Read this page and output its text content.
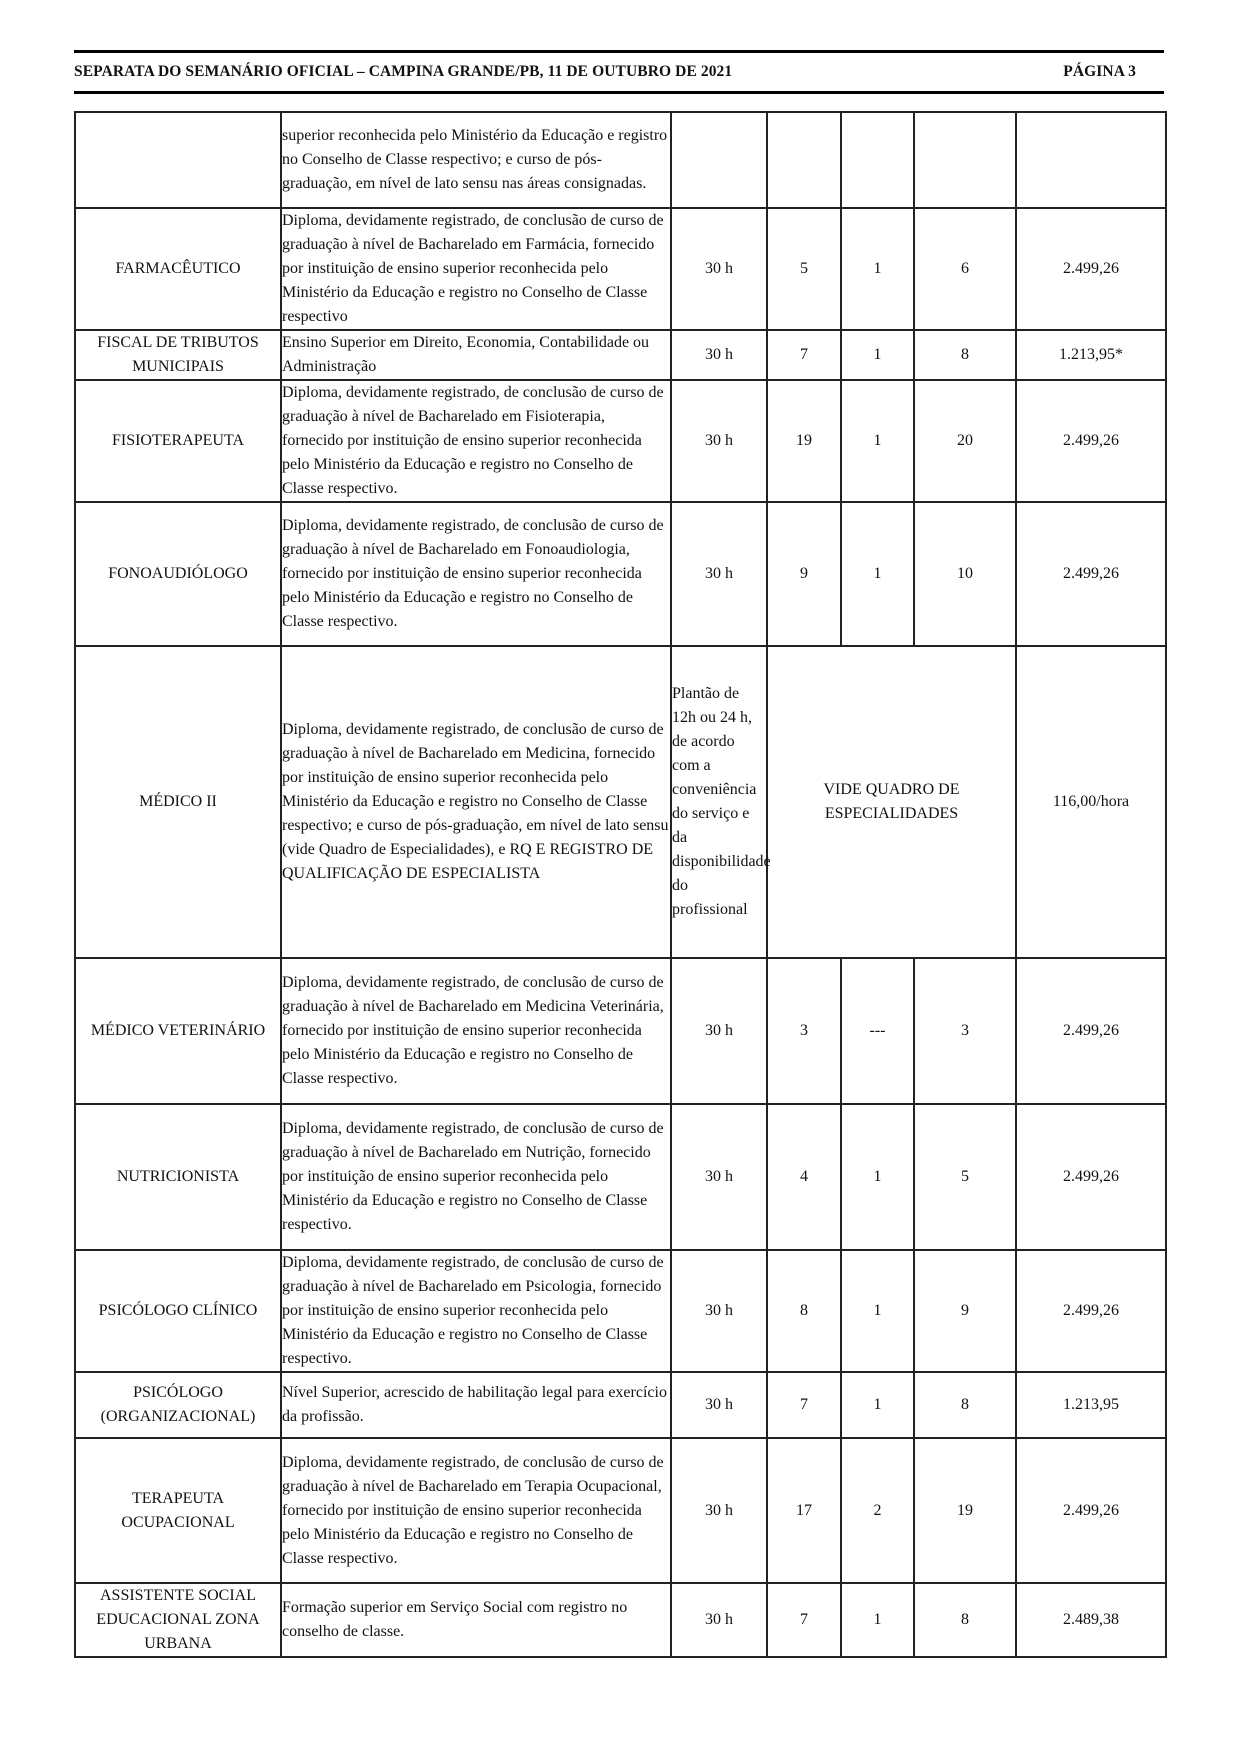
SEPARATA DO SEMANÁRIO OFICIAL – CAMPINA GRANDE/PB, 11 DE OUTUBRO DE 2021	PÁGINA 3
	superior reconhecida pelo Ministério da Educação e registro no Conselho de Classe respectivo; e curso de pós-graduação, em nível de lato sensu nas áreas consignadas.					
FARMACÊUTICO	Diploma, devidamente registrado, de conclusão de curso de graduação à nível de Bacharelado em Farmácia, fornecido por instituição de ensino superior reconhecida pelo Ministério da Educação e registro no Conselho de Classe respectivo	30 h	5	1	6	2.499,26
FISCAL DE TRIBUTOS MUNICIPAIS	Ensino Superior em Direito, Economia, Contabilidade ou Administração	30 h	7	1	8	1.213,95*
FISIOTERAPEUTA	Diploma, devidamente registrado, de conclusão de curso de graduação à nível de Bacharelado em Fisioterapia, fornecido por instituição de ensino superior reconhecida pelo Ministério da Educação e registro no Conselho de Classe respectivo.	30 h	19	1	20	2.499,26
FONOAUDIÓLOGO	Diploma, devidamente registrado, de conclusão de curso de graduação à nível de Bacharelado em Fonoaudiologia, fornecido por instituição de ensino superior reconhecida pelo Ministério da Educação e registro no Conselho de Classe respectivo.	30 h	9	1	10	2.499,26
MÉDICO II	Diploma, devidamente registrado, de conclusão de curso de graduação à nível de Bacharelado em Medicina, fornecido por instituição de ensino superior reconhecida pelo Ministério da Educação e registro no Conselho de Classe respectivo; e curso de pós-graduação, em nível de lato sensu (vide Quadro de Especialidades), e RQ E REGISTRO DE QUALIFICAÇÃO DE ESPECIALISTA	Plantão de 12h ou 24 h, de acordo com a conveniência do serviço e da disponibilidade do profissional	VIDE QUADRO DE ESPECIALIDADES			116,00/hora
MÉDICO VETERINÁRIO	Diploma, devidamente registrado, de conclusão de curso de graduação à nível de Bacharelado em Medicina Veterinária, fornecido por instituição de ensino superior reconhecida pelo Ministério da Educação e registro no Conselho de Classe respectivo.	30 h	3	---	3	2.499,26
NUTRICIONISTA	Diploma, devidamente registrado, de conclusão de curso de graduação à nível de Bacharelado em Nutrição, fornecido por instituição de ensino superior reconhecida pelo Ministério da Educação e registro no Conselho de Classe respectivo.	30 h	4	1	5	2.499,26
PSICÓLOGO CLÍNICO	Diploma, devidamente registrado, de conclusão de curso de graduação à nível de Bacharelado em Psicologia, fornecido por instituição de ensino superior reconhecida pelo Ministério da Educação e registro no Conselho de Classe respectivo.	30 h	8	1	9	2.499,26
PSICÓLOGO (ORGANIZACIONAL)	Nível Superior, acrescido de habilitação legal para exercício da profissão.	30 h	7	1	8	1.213,95
TERAPEUTA OCUPACIONAL	Diploma, devidamente registrado, de conclusão de curso de graduação à nível de Bacharelado em Terapia Ocupacional, fornecido por instituição de ensino superior reconhecida pelo Ministério da Educação e registro no Conselho de Classe respectivo.	30 h	17	2	19	2.499,26
ASSISTENTE SOCIAL EDUCACIONAL ZONA URBANA	Formação superior em Serviço Social com registro no conselho de classe.	30 h	7	1	8	2.489,38
